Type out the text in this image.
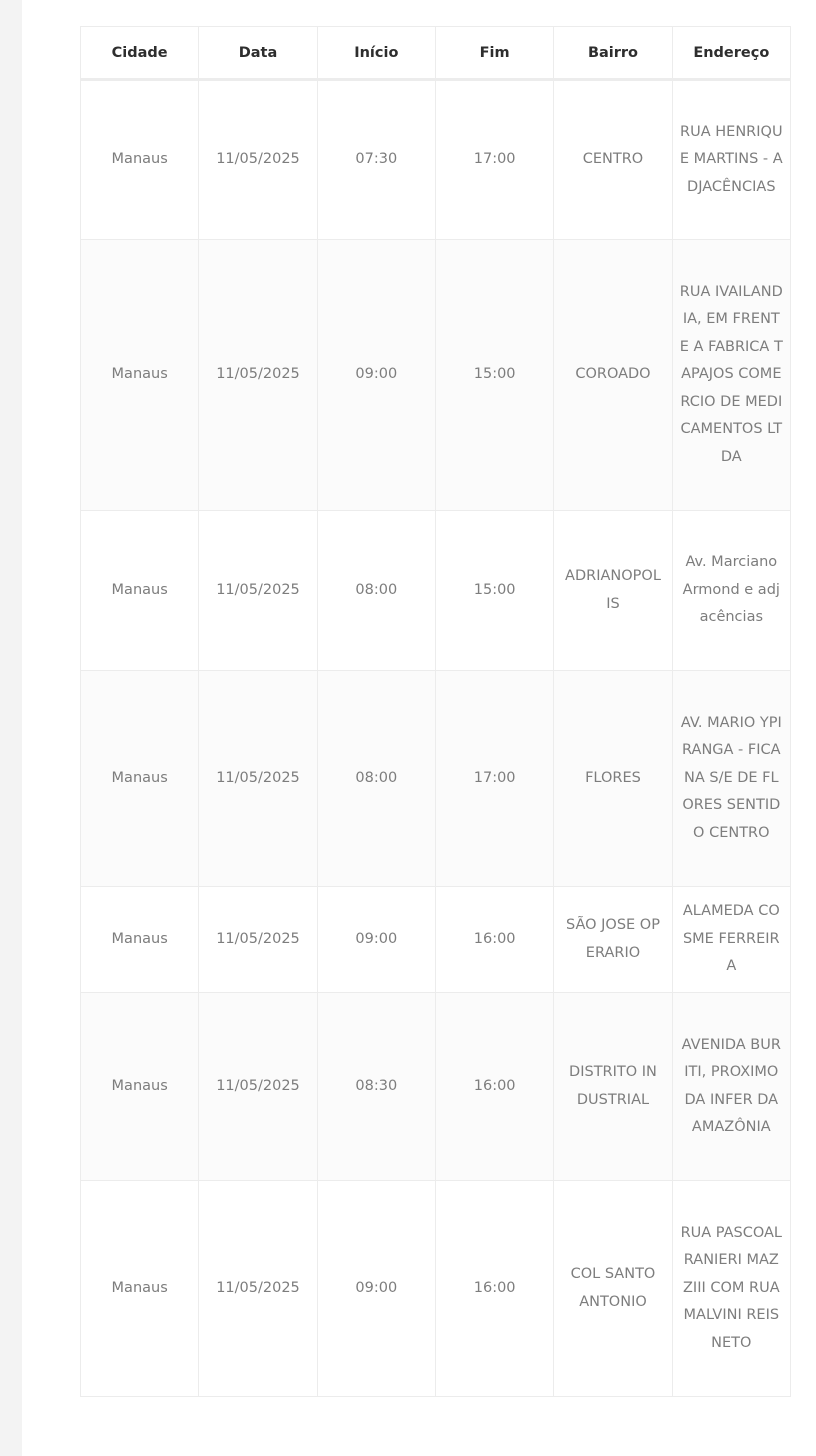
Cidade	Data	Início	Fim	Bairro	Endereço
Manaus	11/05/2025	07:30	17:00	CENTRO	RUA HENRIQUE MARTINS - ADJACÊNCIAS
Manaus	11/05/2025	09:00	15:00	COROADO	RUA IVAILANDIA, EM FRENTE A FABRICA TAPAJOS COMERCIO DE MEDICAMENTOS LTDA
Manaus	11/05/2025	08:00	15:00	ADRIANOPOLIS	Av. Marciano Armond e adjacências
Manaus	11/05/2025	08:00	17:00	FLORES	AV. MARIO YPIRANGA - FICA NA S/E DE FLORES SENTIDO CENTRO
Manaus	11/05/2025	09:00	16:00	SÃO JOSE OPERARIO	ALAMEDA COSME FERREIRA
Manaus	11/05/2025	08:30	16:00	DISTRITO INDUSTRIAL	AVENIDA BURITI, PROXIMO DA INFER DA AMAZÔNIA
Manaus	11/05/2025	09:00	16:00	COL SANTO ANTONIO	RUA PASCOAL RANIERI MAZZIII COM RUA MALVINI REIS NETO
